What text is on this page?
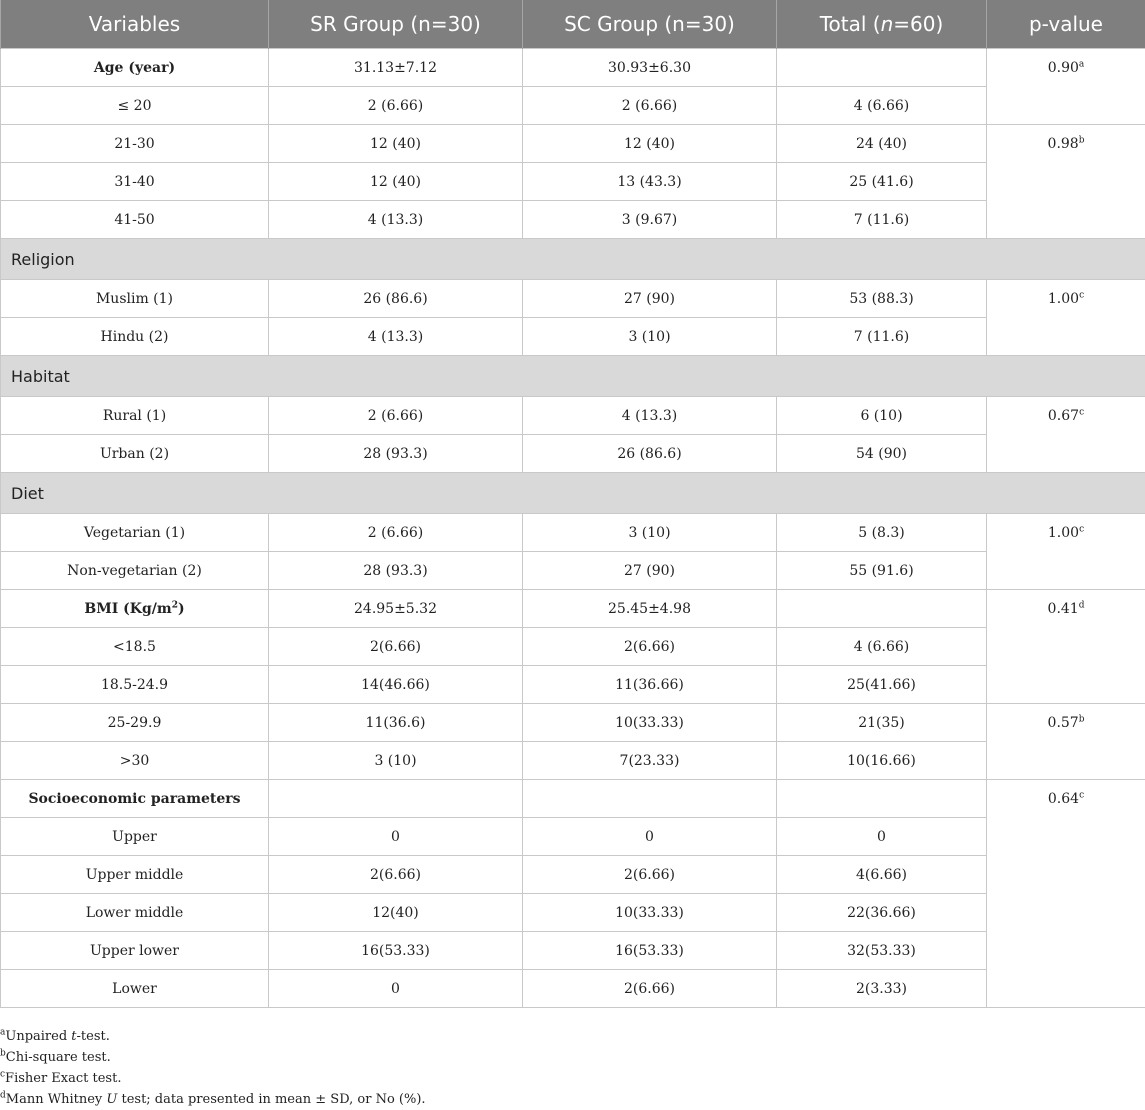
Variables	SR Group (n=30)	SC Group (n=30)	Total (n=60)	p-value
Age (year)	31.13±7.12	30.93±6.30		0.90$^a$
≤ 20	2 (6.66)	2 (6.66)	4 (6.66)	
21-30	12 (40)	12 (40)	24 (40)	0.98$^b$
31-40	12 (40)	13 (43.3)	25 (41.6)	
41-50	4 (13.3)	3 (9.67)	7 (11.6)	
Religion				
Muslim (1)	26 (86.6)	27 (90)	53 (88.3)	1.00$^c$
Hindu (2)	4 (13.3)	3 (10)	7 (11.6)	
Habitat				
Rural (1)	2 (6.66)	4 (13.3)	6 (10)	0.67$^c$
Urban (2)	28 (93.3)	26 (86.6)	54 (90)	
Diet				
Vegetarian (1)	2 (6.66)	3 (10)	5 (8.3)	1.00$^c$
Non-vegetarian (2)	28 (93.3)	27 (90)	55 (91.6)	
BMI $(Kg/m^2)$	24.95±5.32	25.45±4.98		0.41$^d$
<18.5	2(6.66)	2(6.66)	4 (6.66)	
18.5-24.9	14(46.66)	11(36.66)	25(41.66)	
25-29.9	11(36.6)	10(33.33)	21(35)	0.57$^b$
>30	3 (10)	7(23.33)	10(16.66)	
Socioeconomic parameters				0.64$^c$
Upper	0	0	0	
Upper middle	2(6.66)	2(6.66)	4(6.66)	
Lower middle	12(40)	10(33.33)	22(36.66)	
Upper lower	16(53.33)	16(53.33)	32(53.33)	
Lower	0	2(6.66)	2(3.33)	
$^a$Unpaired t-test.
$^b$Chi-square test.
$^c$Fisher Exact test.
$^d$Mann Whitney U test; data presented in mean ± SD, or No (%).
